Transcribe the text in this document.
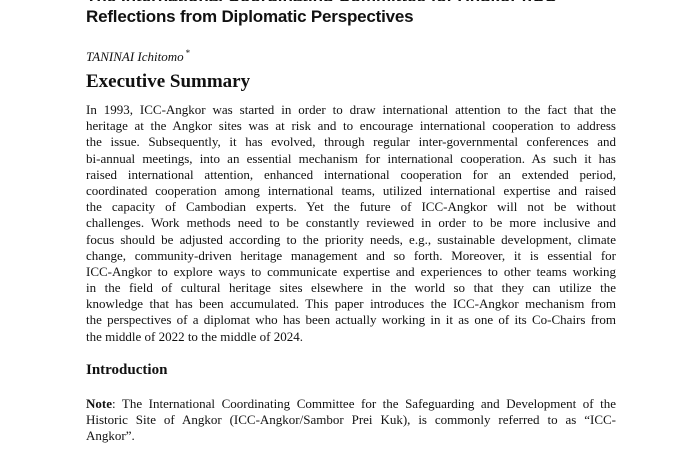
Reflections from Diplomatic Perspectives
TANINAI Ichitomo *
Executive Summary
In 1993, ICC-Angkor was started in order to draw international attention to the fact that the
heritage at the Angkor sites was at risk and to encourage international cooperation to address
the issue. Subsequently, it has evolved, through regular inter-governmental conferences and
bi-annual meetings, into an essential mechanism for international cooperation. As such it has
raised international attention, enhanced international cooperation for an extended period,
coordinated cooperation among international teams, utilized international expertise and raised
the capacity of Cambodian experts. Yet the future of ICC-Angkor will not be without
challenges. Work methods need to be constantly reviewed in order to be more inclusive and
focus should be adjusted according to the priority needs, e.g., sustainable development, climate
change, community-driven heritage management and so forth. Moreover, it is essential for
ICC-Angkor to explore ways to communicate expertise and experiences to other teams working
in the field of cultural heritage sites elsewhere in the world so that they can utilize the
knowledge that has been accumulated. This paper introduces the ICC-Angkor mechanism from
the perspectives of a diplomat who has been actually working in it as one of its Co-Chairs from
the middle of 2022 to the middle of 2024.
Introduction
Note: The International Coordinating Committee for the Safeguarding and Development of the
Historic Site of Angkor (ICC-Angkor/Sambor Prei Kuk), is commonly referred to as “ICC-
Angkor”.
